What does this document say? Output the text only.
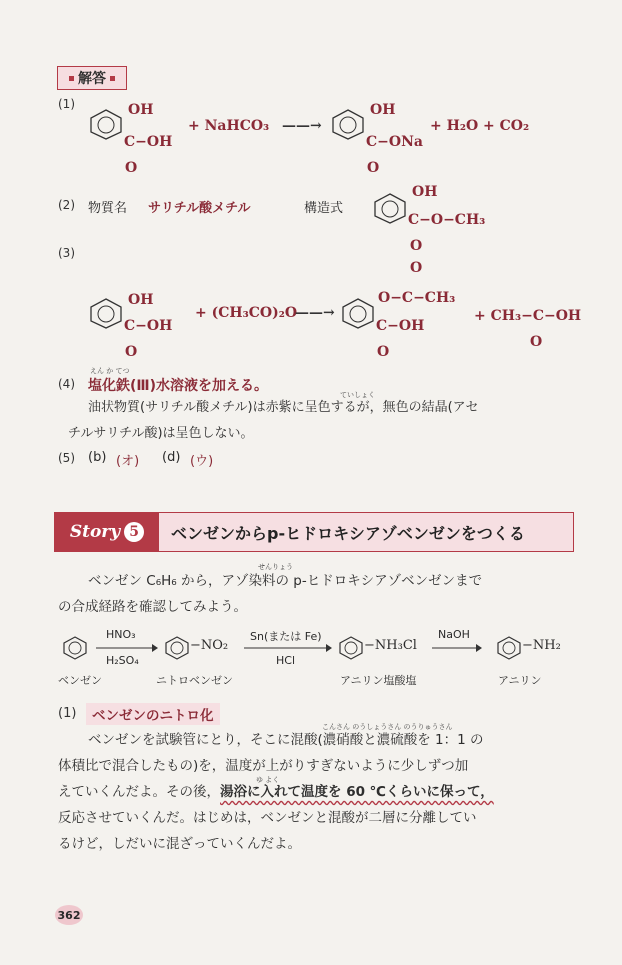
解答
(1)	OH
C−OH
O
+ NaHCO₃ ——→
OH
C−ONa
O
+ H₂O + CO₂
(2) 物質名 サリチル酸メチル	構造式
OH
C−O−CH₃
O
(3)
OH
C−OH
O
+ (CH₃CO)₂O
——→
O
O−C−CH₃
C−OH
O
+ CH₃−C−OH
O
えん か てつ
(4) 塩化鉄(Ⅲ)水溶液を加える。
ていしょく
油状物質(サリチル酸メチル)は赤紫に呈色するが，無色の結晶(アセ
チルサリチル酸)は呈色しない。
(5) (b) (オ) (d) (ウ)
Story 5	ベンゼンからp-ヒドロキシアゾベンゼンをつくる
せんりょう
ベンゼン C₆H₆ から，アゾ染料の p-ヒドロキシアゾベンゼンまで
の合成経路を確認してみよう。
HNO₃
H₂SO₄
−NO₂
Sn(または Fe)
HCl
−NH₃Cl
NaOH
−NH₂
ベンゼン	ニトロベンゼン	アニリン塩酸塩	アニリン
(1)	ベンゼンのニトロ化
こんさん のうしょうさん のうりゅうさん
ベンゼンを試験管にとり，そこに混酸(濃硝酸と濃硫酸を 1：1 の
体積比で混合したもの)を，温度が上がりすぎないように少しずつ加
ゆ よく
えていくんだよ。その後，湯浴に入れて温度を 60 ℃くらいに保って，
反応させていくんだ。はじめは，ベンゼンと混酸が二層に分離してい
るけど，しだいに混ざっていくんだよ。
362
